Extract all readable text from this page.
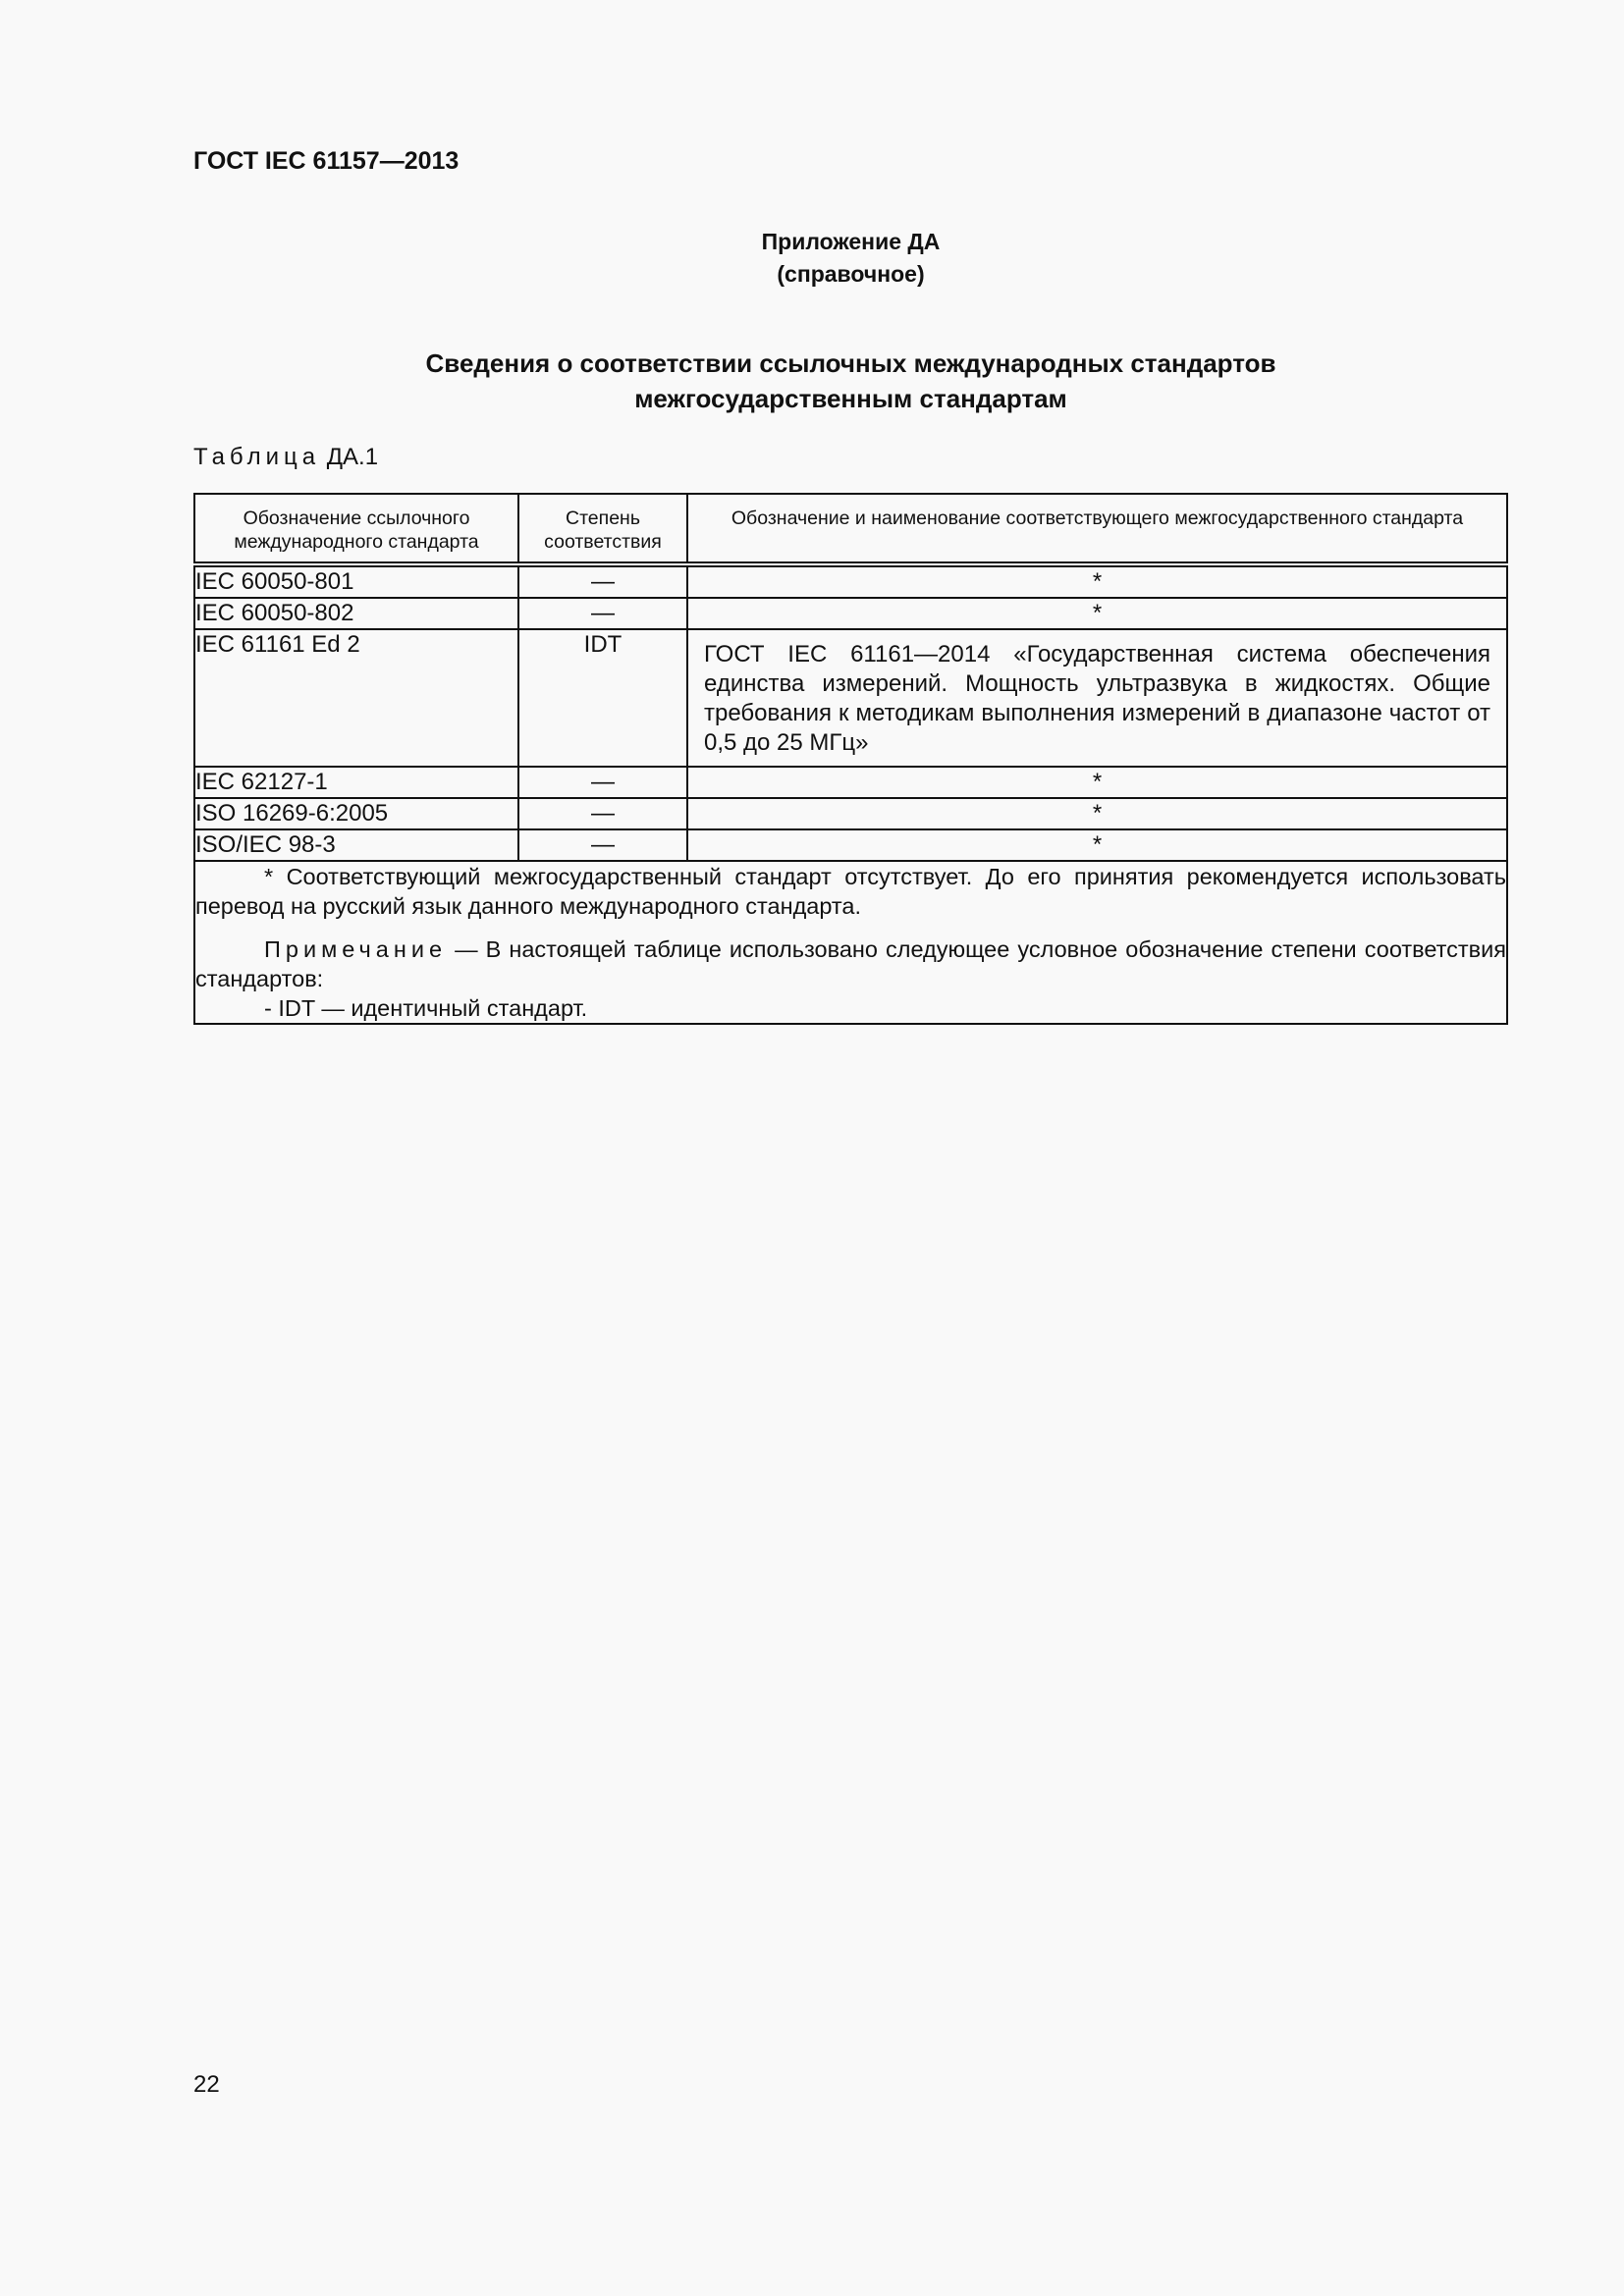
ГОСТ IEC 61157—2013
Приложение ДА
(справочное)
Сведения о соответствии ссылочных международных стандартов
межгосударственным стандартам
Таблица ДА.1
Обозначение ссылочного международного стандарта	Степень соответствия	Обозначение и наименование соответствующего межгосударственного стандарта
IEC 60050-801	—	*
IEC 60050-802	—	*
IEC 61161 Ed 2	IDT	ГОСТ IEC 61161—2014 «Государственная система обеспечения единства измерений. Мощность ультразвука в жидкостях. Общие требования к методикам выполнения измерений в диапазоне частот от 0,5 до 25 МГц»
IEC 62127-1	—	*
ISO 16269-6:2005	—	*
ISO/IEC 98-3	—	*

* Соответствующий межгосударственный стандарт отсутствует. До его принятия рекомендуется использовать перевод на русский язык данного международного стандарта.

Примечание — В настоящей таблице использовано следующее условное обозначение степени соответствия стандартов:

- IDT — идентичный стандарт.		

22
